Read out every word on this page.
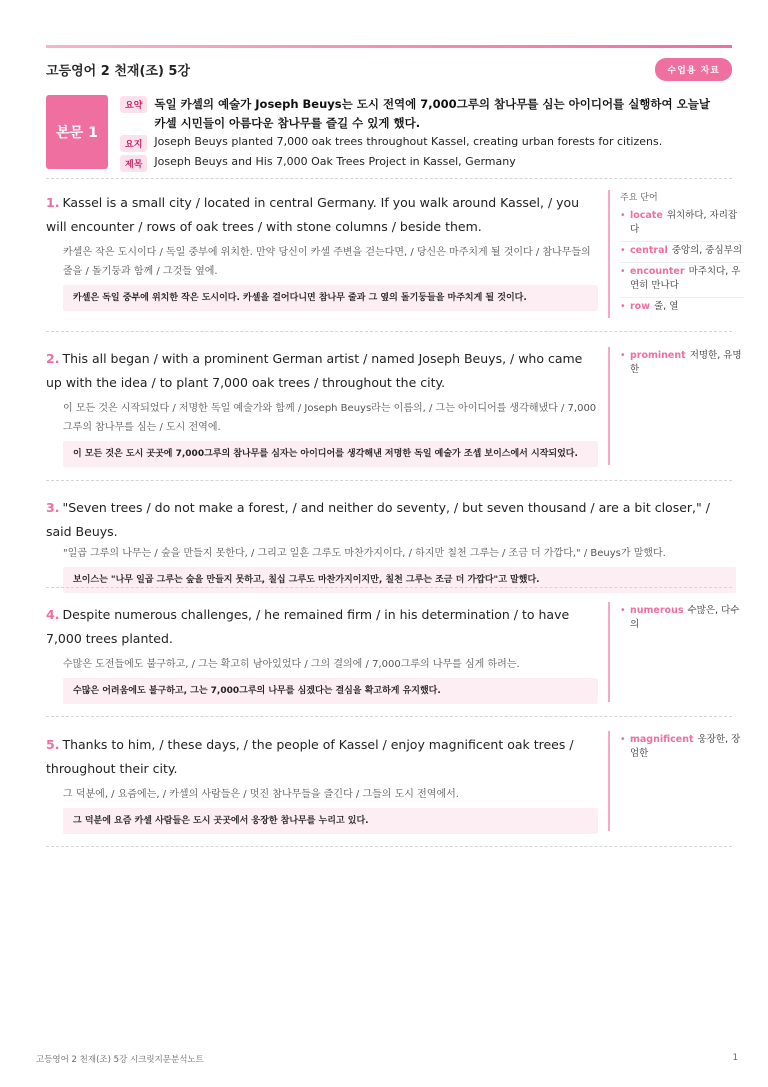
고등영어 2 천재(조) 5강	수업용 자료
본문 1
요약	독일 카셀의 예술가 Joseph Beuys는 도시 전역에 7,000그루의 참나무를 심는 아이디어를 실행하여 오늘날 카셀 시민들이 아름다운 참나무를 즐길 수 있게 했다.
요지	Joseph Beuys planted 7,000 oak trees throughout Kassel, creating urban forests for citizens.
제목	Joseph Beuys and His 7,000 Oak Trees Project in Kassel, Germany

1. Kassel is a small city / located in central Germany. If you walk around Kassel, / you will encounter / rows of oak trees / with stone columns / beside them.

카셀은 작은 도시이다 / 독일 중부에 위치한. 만약 당신이 카셀 주변을 걷는다면, / 당신은 마주치게 될 것이다 / 참나무들의 줄을 / 돌기둥과 함께 / 그것들 옆에.

카셀은 독일 중부에 위치한 작은 도시이다. 카셀을 걸어다니면 참나무 줄과 그 옆의 돌기둥들을 마주치게 될 것이다.
주요 단어
• locate 위치하다, 자리잡다
• central 중앙의, 중심부의
• encounter 마주치다, 우연히 만나다
• row 줄, 열

2. This all began / with a prominent German artist / named Joseph Beuys, / who came up with the idea / to plant 7,000 oak trees / throughout the city.

이 모든 것은 시작되었다 / 저명한 독일 예술가와 함께 / Joseph Beuys라는 이름의, / 그는 아이디어를 생각해냈다 / 7,000그루의 참나무를 심는 / 도시 전역에.

이 모든 것은 도시 곳곳에 7,000그루의 참나무를 심자는 아이디어를 생각해낸 저명한 독일 예술가 조셉 보이스에서 시작되었다.
• prominent 저명한, 유명한

3. "Seven trees / do not make a forest, / and neither do seventy, / but seven thousand / are a bit closer," / said Beuys.

"일곱 그루의 나무는 / 숲을 만들지 못한다, / 그리고 일흔 그루도 마찬가지이다, / 하지만 칠천 그루는 / 조금 더 가깝다," / Beuys가 말했다.

보이스는 "나무 일곱 그루는 숲을 만들지 못하고, 칠십 그루도 마찬가지이지만, 칠천 그루는 조금 더 가깝다"고 말했다.

4. Despite numerous challenges, / he remained firm / in his determination / to have 7,000 trees planted.

수많은 도전들에도 불구하고, / 그는 확고히 남아있었다 / 그의 결의에 / 7,000그루의 나무를 심게 하려는.

수많은 어려움에도 불구하고, 그는 7,000그루의 나무를 심겠다는 결심을 확고하게 유지했다.
• numerous 수많은, 다수의

5. Thanks to him, / these days, / the people of Kassel / enjoy magnificent oak trees / throughout their city.

그 덕분에, / 요즘에는, / 카셀의 사람들은 / 멋진 참나무들을 즐긴다 / 그들의 도시 전역에서.

그 덕분에 요즘 카셀 사람들은 도시 곳곳에서 웅장한 참나무를 누리고 있다.
• magnificent 웅장한, 장엄한
고등영어 2 천재(조) 5강 시크릿지문분석노트	1
